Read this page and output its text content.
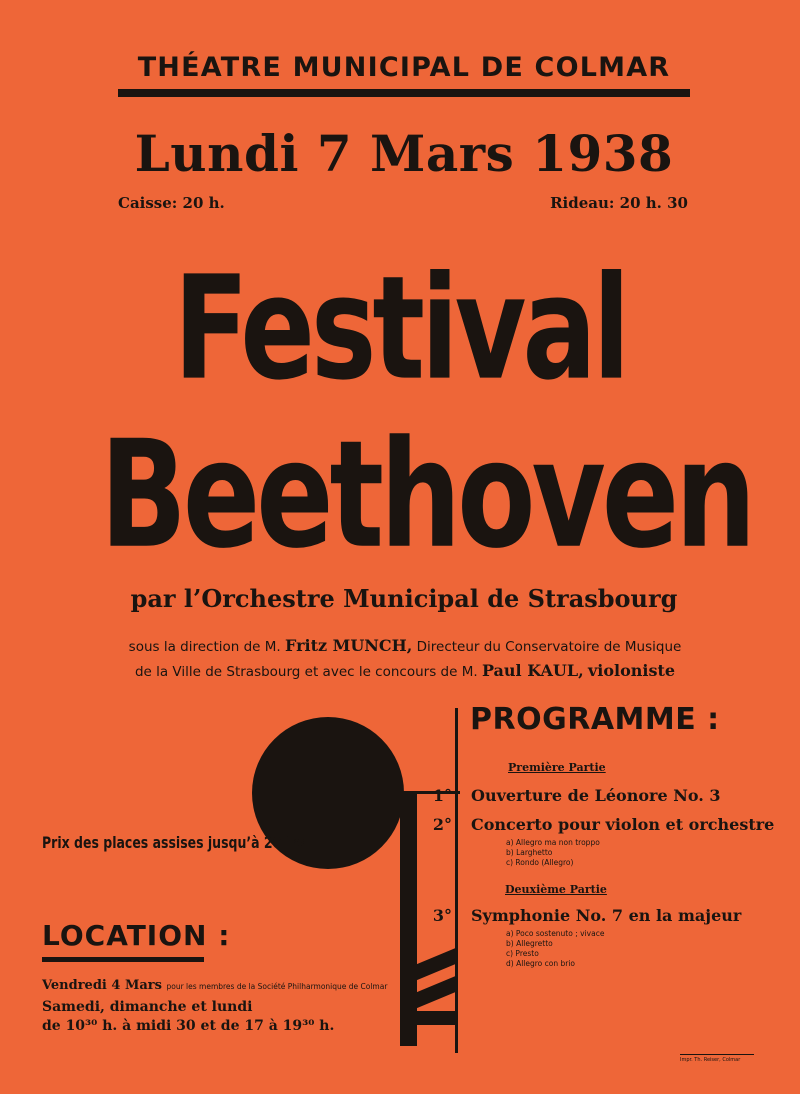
THÉATRE MUNICIPAL DE COLMAR
Lundi 7 Mars 1938
Caisse: 20 h.	Rideau: 20 h. 30
Festival
Beethoven
par l’Orchestre Municipal de Strasbourg
sous la direction de M. Fritz MUNCH, Directeur du Conservatoire de Musique
de la Ville de Strasbourg et avec le concours de M. Paul KAUL, violoniste
PROGRAMME :
Première Partie
1° Ouverture de Léonore No. 3
2° Concerto pour violon et orchestre
a) Allegro ma non troppo
b) Larghetto
c) Rondo (Allegro)
Deuxième Partie
3° Symphonie No. 7 en la majeur
a) Poco sostenuto ; vivace
b) Allegretto
c) Presto
d) Allegro con brio
Prix des places assises jusqu’à 20 frs.
LOCATION :
Vendredi 4 Mars pour les membres de la Société Philharmonique de Colmar
Samedi, dimanche et lundi
de 10³⁰ h. à midi 30 et de 17 à 19³⁰ h.
Impr. Th. Reiser, Colmar
